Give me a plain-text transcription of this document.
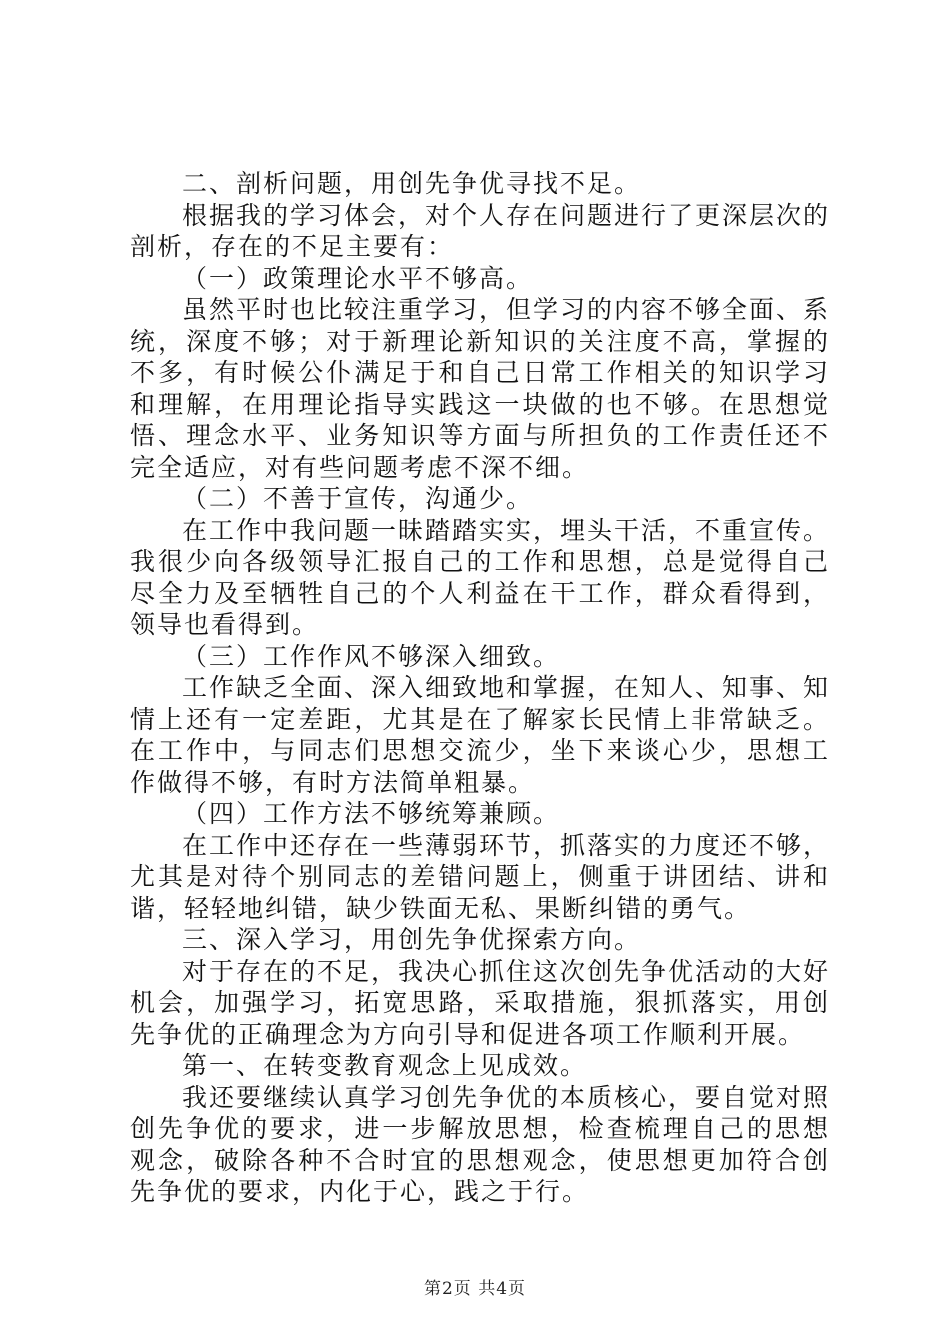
二、剖析问题，用创先争优寻找不足。

根据我的学习体会，对个人存在问题进行了更深层次的剖析，存在的不足主要有：

（一）政策理论水平不够高。

虽然平时也比较注重学习，但学习的内容不够全面、系统，深度不够；对于新理论新知识的关注度不高，掌握的不多，有时候公仆满足于和自己日常工作相关的知识学习和理解，在用理论指导实践这一块做的也不够。在思想觉悟、理念水平、业务知识等方面与所担负的工作责任还不完全适应，对有些问题考虑不深不细。

（二）不善于宣传，沟通少。

在工作中我问题一昧踏踏实实，埋头干活，不重宣传。我很少向各级领导汇报自己的工作和思想，总是觉得自己尽全力及至牺牲自己的个人利益在干工作，群众看得到，领导也看得到。

（三）工作作风不够深入细致。

工作缺乏全面、深入细致地和掌握，在知人、知事、知情上还有一定差距，尤其是在了解家长民情上非常缺乏。在工作中，与同志们思想交流少，坐下来谈心少，思想工作做得不够，有时方法简单粗暴。

（四）工作方法不够统筹兼顾。

在工作中还存在一些薄弱环节，抓落实的力度还不够，尤其是对待个别同志的差错问题上，侧重于讲团结、讲和谐，轻轻地纠错，缺少铁面无私、果断纠错的勇气。

三、深入学习，用创先争优探索方向。

对于存在的不足，我决心抓住这次创先争优活动的大好机会，加强学习，拓宽思路，采取措施，狠抓落实，用创先争优的正确理念为方向引导和促进各项工作顺利开展。

第一、在转变教育观念上见成效。

我还要继续认真学习创先争优的本质核心，要自觉对照创先争优的要求，进一步解放思想，检查梳理自己的思想观念，破除各种不合时宜的思想观念，使思想更加符合创先争优的要求，内化于心，践之于行。

第2页 共4页
